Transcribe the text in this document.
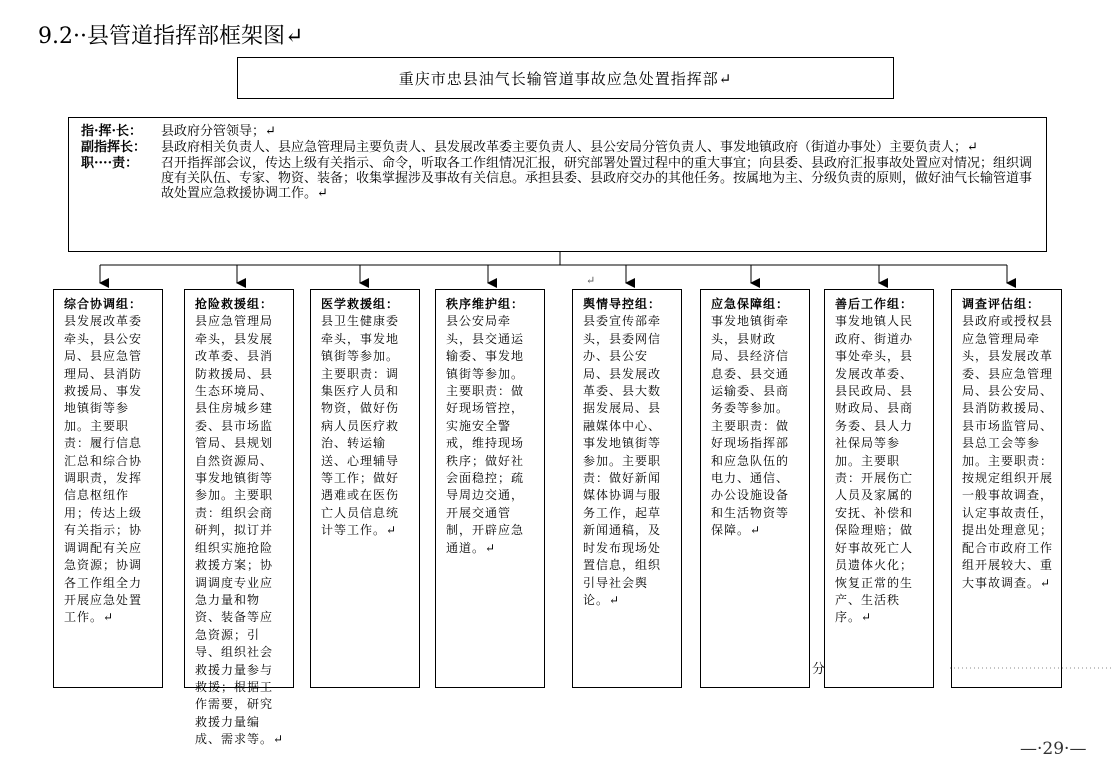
9.2··县管道指挥部框架图↵
重庆市忠县油气长输管道事故应急处置指挥部↵
指·挥·长：	县政府分管领导；↵
副指挥长：	县政府相关负责人、县应急管理局主要负责人、县发展改革委主要负责人、县公安局分管负责人、事发地镇政府（街道办事处）主要负责人；↵
职····责：	召开指挥部会议，传达上级有关指示、命令，听取各工作组情况汇报，研究部署处置过程中的重大事宜；向县委、县政府汇报事故处置应对情况；组织调度有关队伍、专家、物资、装备；收集掌握涉及事故有关信息。承担县委、县政府交办的其他任务。按属地为主、分级负责的原则，做好油气长输管道事故处置应急救援协调工作。↵
综合协调组：县发展改革委牵头，县公安局、县应急管理局、县消防救援局、事发地镇街等参加。主要职责：履行信息汇总和综合协调职责，发挥信息枢纽作用；传达上级有关指示；协调调配有关应急资源；协调各工作组全力开展应急处置工作。↵
抢险救援组：县应急管理局牵头，县发展改革委、县消防救援局、县生态环境局、县住房城乡建委、县市场监管局、县规划自然资源局、事发地镇街等参加。主要职责：组织会商研判，拟订并组织实施抢险救援方案；协调调度专业应急力量和物资、装备等应急资源；引导、组织社会救援力量参与救援；根据工作需要，研究救援力量编成、需求等。↵
医学救援组：县卫生健康委牵头，事发地镇街等参加。主要职责：调集医疗人员和物资，做好伤病人员医疗救治、转运输送、心理辅导等工作；做好遇难或在医伤亡人员信息统计等工作。↵
秩序维护组：县公安局牵头，县交通运输委、事发地镇街等参加。主要职责：做好现场管控，实施安全警戒，维持现场秩序；做好社会面稳控；疏导周边交通，开展交通管制，开辟应急通道。↵
舆情导控组：县委宣传部牵头，县委网信办、县公安局、县发展改革委、县大数据发展局、县融媒体中心、事发地镇街等参加。主要职责：做好新闻媒体协调与服务工作，起草新闻通稿，及时发布现场处置信息，组织引导社会舆论。↵
应急保障组：事发地镇街牵头，县财政局、县经济信息委、县交通运输委、县商务委等参加。主要职责：做好现场指挥部和应急队伍的电力、通信、办公设施设备和生活物资等保障。↵
善后工作组：事发地镇人民政府、街道办事处牵头，县发展改革委、县民政局、县财政局、县商务委、县人力社保局等参加。主要职责：开展伤亡人员及家属的安抚、补偿和保险理赔；做好事故死亡人员遗体火化；恢复正常的生产、生活秩序。↵
调查评估组：县政府或授权县应急管理局牵头，县发展改革委、县应急管理局、县公安局、县消防救援局、县市场监管局、县总工会等参加。主要职责：按规定组织开展一般事故调查，认定事故责任，提出处理意见；配合市政府工作组开展较大、重大事故调查。↵
↵
分
—·29·—
